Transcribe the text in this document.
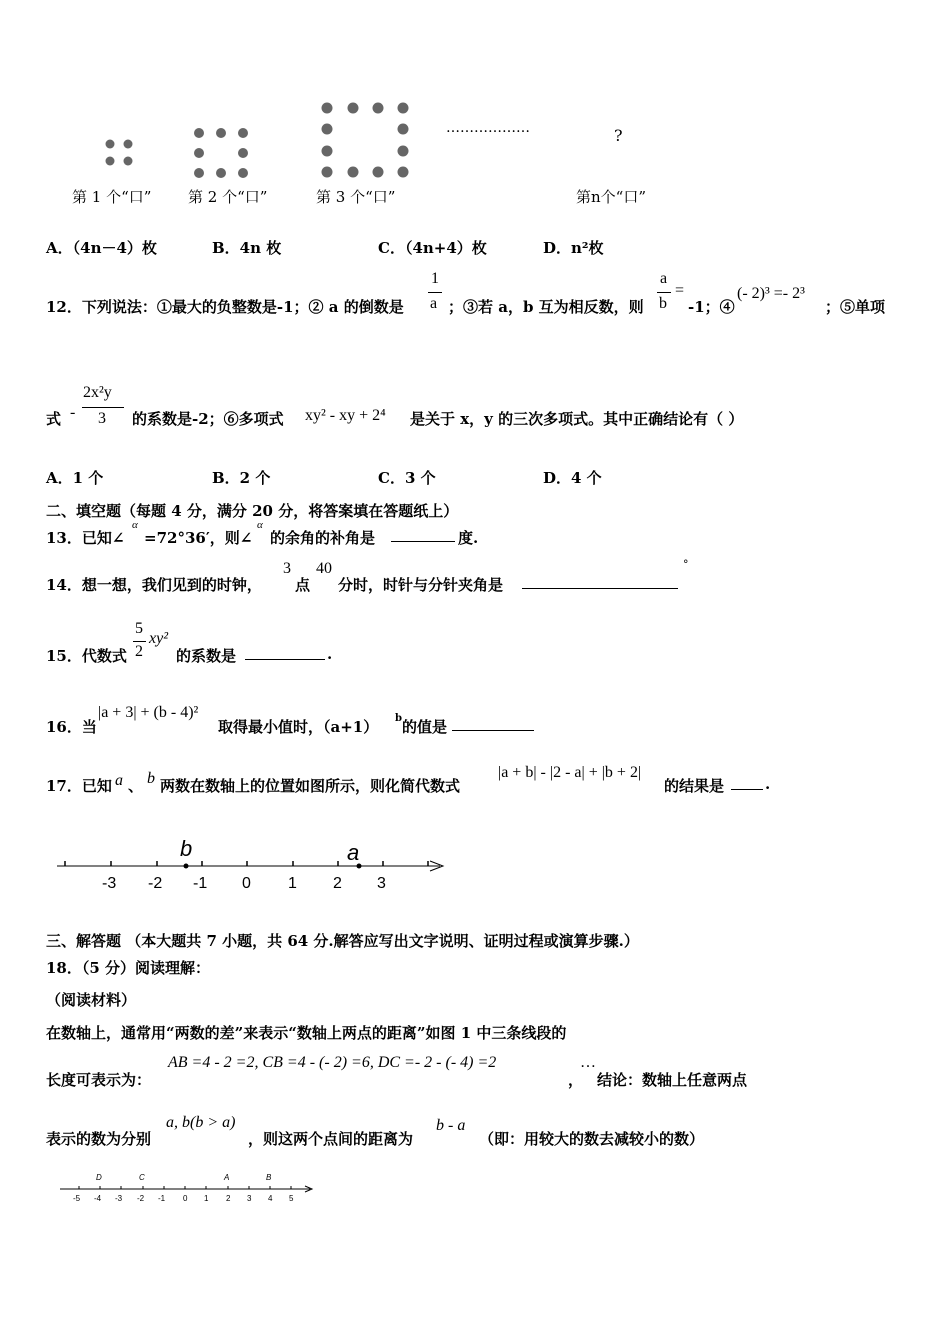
第 1 个“口” 第 2 个“口”	第 3 个“口”	第n个“口”
………………	?
A．（4n－4）枚	B．4n 枚	C．（4n+4）枚	D．n²枚
12．下列说法：①最大的负整数是-1；② a 的倒数是
1
a ；③若 a，b 互为相反数，则
a
b
=
-1；④
(- 2)³ =- 2³
；⑤单项
式 -
2x²y
3 的系数是-2；⑥多项式 xy² - xy + 2⁴ 是关于 x，y 的三次多项式。其中正确结论有（ ）
A．1 个	B．2 个	C．3 个	D．4 个
二、填空题（每题 4 分，满分 20 分，将答案填在答题纸上）
13．已知∠
α
=72°36′，则∠
α
的余角的补角是	度.
14．想一想，我们见到的时钟，
3
点
40
分时，时针与分针夹角是
°
15．代数式
5
2
xy²
的系数是	.
16．当
|a + 3| + (b - 4)²
取得最小值时，（a+1） b 的值是
17．已知 a 、 b 两数在数轴上的位置如图所示，则化简代数式
|a + b| - |2 - a| + |b + 2|
的结果是	.
b	a
-3 -2 -1 0 1 2 3
三、解答题 （本大题共 7 小题，共 64 分.解答应写出文字说明、证明过程或演算步骤.）
18．（5 分）阅读理解：
（阅读材料）
在数轴上，通常用“两数的差”来表示“数轴上两点的距离”如图 1 中三条线段的
长度可表示为：
AB =4 - 2 =2, CB =4 - (- 2) =6, DC =- 2 - (- 4) =2
，
…
结论：数轴上任意两点
表示的数为分别
a, b(b > a)
，则这两个点间的距离为
b - a
（即：用较大的数去减较小的数）
D	C	A	B
-5 -4 -3 -2 -1 0 1 2 3 4 5
